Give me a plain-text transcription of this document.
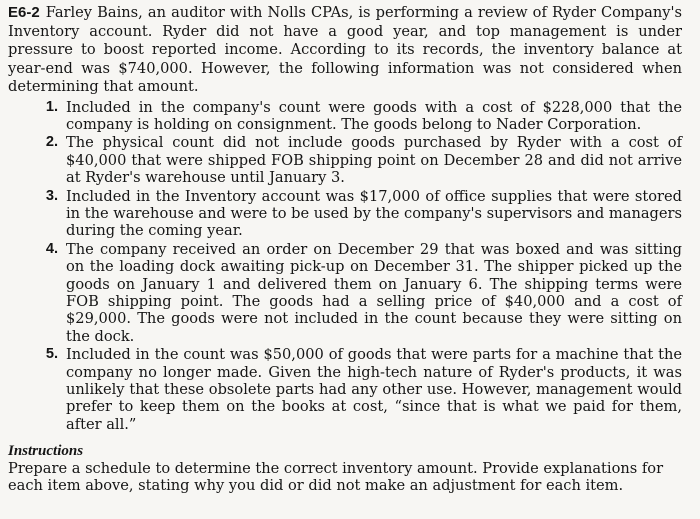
E6-2 Farley Bains, an auditor with Nolls CPAs, is performing a review of Ryder Company's Inventory account. Ryder did not have a good year, and top management is under pressure to boost reported income. According to its records, the inventory balance at year-end was $740,000. However, the following information was not considered when determining that amount.

1. Included in the company's count were goods with a cost of $228,000 that the company is holding on consignment. The goods belong to Nader Corporation.
2. The physical count did not include goods purchased by Ryder with a cost of $40,000 that were shipped FOB shipping point on December 28 and did not arrive at Ryder's warehouse until January 3.
3. Included in the Inventory account was $17,000 of office supplies that were stored in the warehouse and were to be used by the company's supervisors and managers during the coming year.
4. The company received an order on December 29 that was boxed and was sitting on the loading dock awaiting pick-up on December 31. The shipper picked up the goods on January 1 and delivered them on January 6. The shipping terms were FOB shipping point. The goods had a selling price of $40,000 and a cost of $29,000. The goods were not included in the count because they were sitting on the dock.
5. Included in the count was $50,000 of goods that were parts for a machine that the company no longer made. Given the high-tech nature of Ryder's products, it was unlikely that these obsolete parts had any other use. However, management would prefer to keep them on the books at cost, “since that is what we paid for them, after all.”

Instructions

Prepare a schedule to determine the correct inventory amount. Provide explanations for each item above, stating why you did or did not make an adjustment for each item.
